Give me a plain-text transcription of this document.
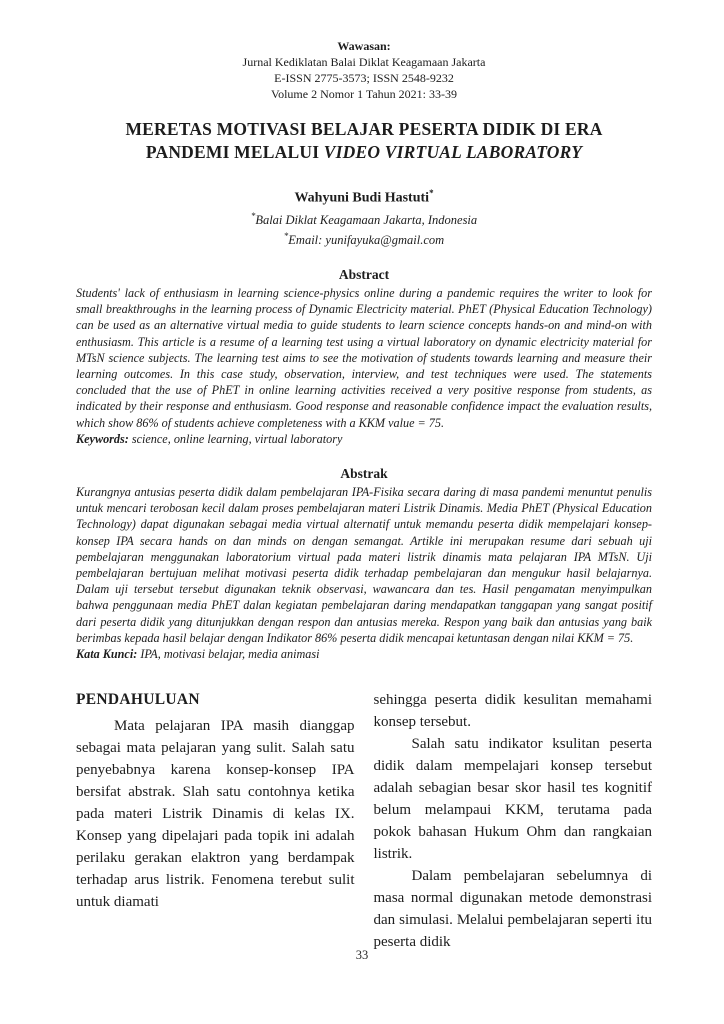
Wawasan:
Jurnal Kediklatan Balai Diklat Keagamaan Jakarta
E-ISSN 2775-3573; ISSN 2548-9232
Volume 2 Nomor 1 Tahun 2021: 33-39
MERETAS MOTIVASI BELAJAR PESERTA DIDIK DI ERA
PANDEMI MELALUI VIDEO VIRTUAL LABORATORY
Wahyuni Budi Hastuti*
*Balai Diklat Keagamaan Jakarta, Indonesia
*Email: yunifayuka@gmail.com
Abstract
Students' lack of enthusiasm in learning science-physics online during a pandemic requires the writer to look for small breakthroughs in the learning process of Dynamic Electricity material. PhET (Physical Education Technology) can be used as an alternative virtual media to guide students to learn science concepts hands-on and mind-on with enthusiasm. This article is a resume of a learning test using a virtual laboratory on dynamic electricity material for MTsN science subjects. The learning test aims to see the motivation of students towards learning and measure their learning outcomes. In this case study, observation, interview, and test techniques were used. The statements concluded that the use of PhET in online learning activities received a very positive response from students, as indicated by their response and enthusiasm. Good response and reasonable confidence impact the evaluation results, which show 86% of students achieve completeness with a KKM value = 75.
Keywords: science, online learning, virtual laboratory
Abstrak
Kurangnya antusias peserta didik dalam pembelajaran IPA-Fisika secara daring di masa pandemi menuntut penulis untuk mencari terobosan kecil dalam proses pembelajaran materi Listrik Dinamis. Media PhET (Physical Education Technology) dapat digunakan sebagai media virtual alternatif untuk memandu peserta didik mempelajari konsep-konsep IPA secara hands on dan minds on dengan semangat. Artikle ini merupakan resume dari sebuah uji pembelajaran menggunakan laboratorium virtual pada materi listrik dinamis mata pelajaran IPA MTsN. Uji pembelajaran bertujuan melihat motivasi peserta didik terhadap pembelajaran dan mengukur hasil belajarnya. Dalam uji tersebut tersebut digunakan teknik observasi, wawancara dan tes. Hasil pengamatan menyimpulkan bahwa penggunaan media PhET dalan kegiatan pembelajaran daring mendapatkan tanggapan yang sangat positif dari peserta didik yang ditunjukkan dengan respon dan antusias mereka. Respon yang baik dan antusias yang baik berimbas kepada hasil belajar dengan Indikator 86% peserta didik mencapai ketuntasan dengan nilai KKM = 75.
Kata Kunci: IPA, motivasi belajar, media animasi
PENDAHULUAN

Mata pelajaran IPA masih dianggap sebagai mata pelajaran yang sulit. Salah satu penyebabnya karena konsep-konsep IPA bersifat abstrak. Slah satu contohnya ketika pada materi Listrik Dinamis di kelas IX. Konsep yang dipelajari pada topik ini adalah perilaku gerakan elaktron yang berdampak terhadap arus listrik. Fenomena terebut sulit untuk diamati

sehingga peserta didik kesulitan memahami konsep tersebut.

Salah satu indikator ksulitan peserta didik dalam mempelajari konsep tersebut adalah sebagian besar skor hasil tes kognitif belum melampaui KKM, terutama pada pokok bahasan Hukum Ohm dan rangkaian listrik.

Dalam pembelajaran sebelumnya di masa normal digunakan metode demonstrasi dan simulasi. Melalui pembelajaran seperti itu peserta didik

33
